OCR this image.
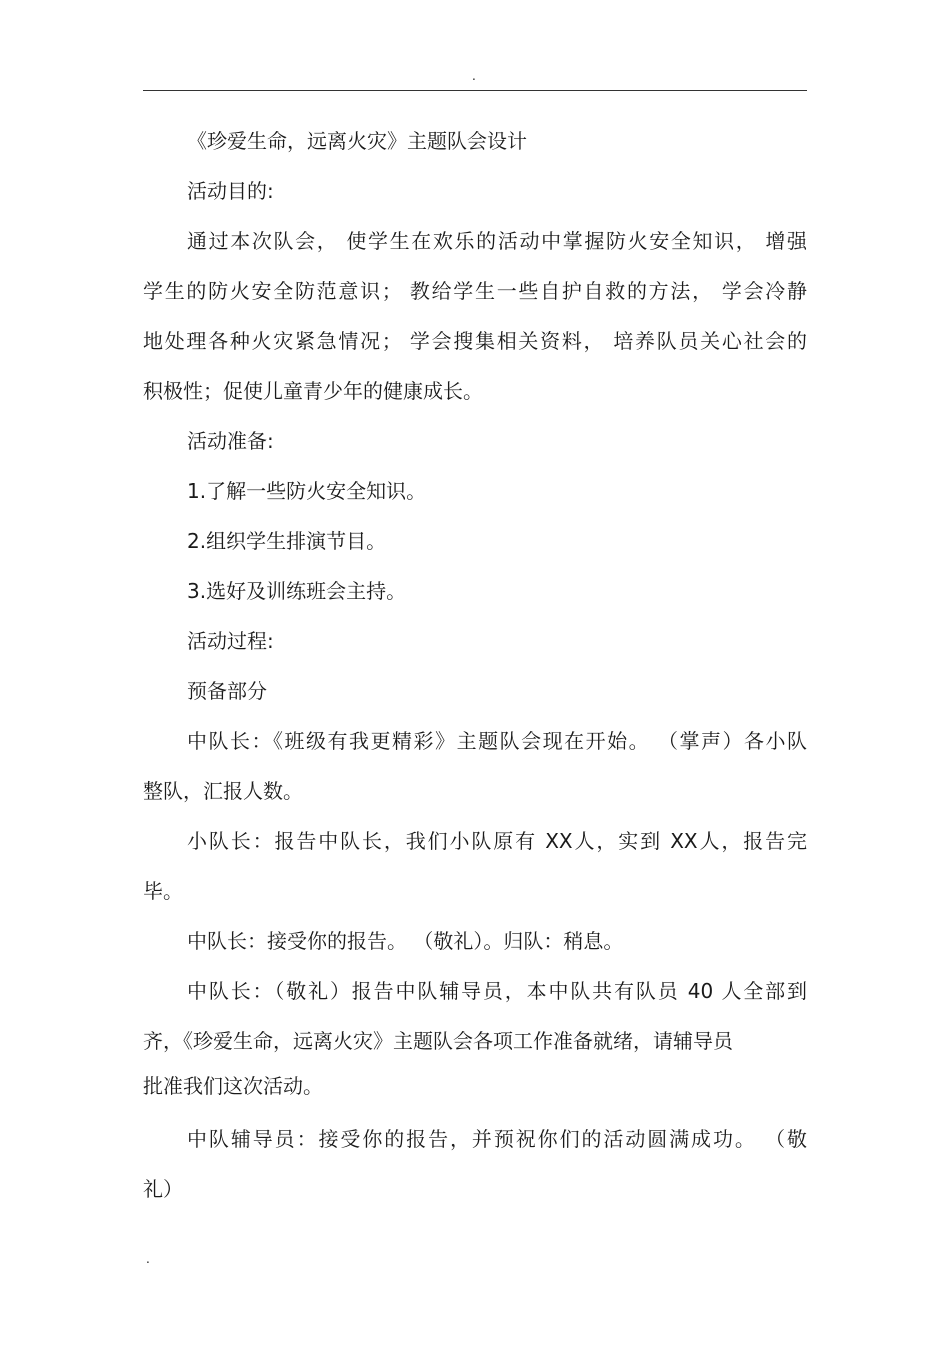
.

《珍爱生命，远离火灾》主题队会设计

活动目的:

通过本次队会， 使学生在欢乐的活动中掌握防火安全知识， 增强

学生的防火安全防范意识； 教给学生一些自护自救的方法， 学会冷静

地处理各种火灾紧急情况； 学会搜集相关资料， 培养队员关心社会的

积极性；促使儿童青少年的健康成长。

活动准备:

1.了解一些防火安全知识。

2.组织学生排演节目。

3.选好及训练班会主持。

活动过程:

预备部分

中队长：《班级有我更精彩》主题队会现在开始。 （掌声）各小队

整队，汇报人数。

小队长：报告中队长，我们小队原有 XX人，实到 XX人，报告完

毕。

中队长：接受你的报告。 （敬礼）。归队：稍息。

中队长：（敬礼）报告中队辅导员，本中队共有队员 40 人全部到

齐，《珍爱生命，远离火灾》主题队会各项工作准备就绪，请辅导员

批准我们这次活动。

中队辅导员：接受你的报告，并预祝你们的活动圆满成功。 （敬

礼）

.
